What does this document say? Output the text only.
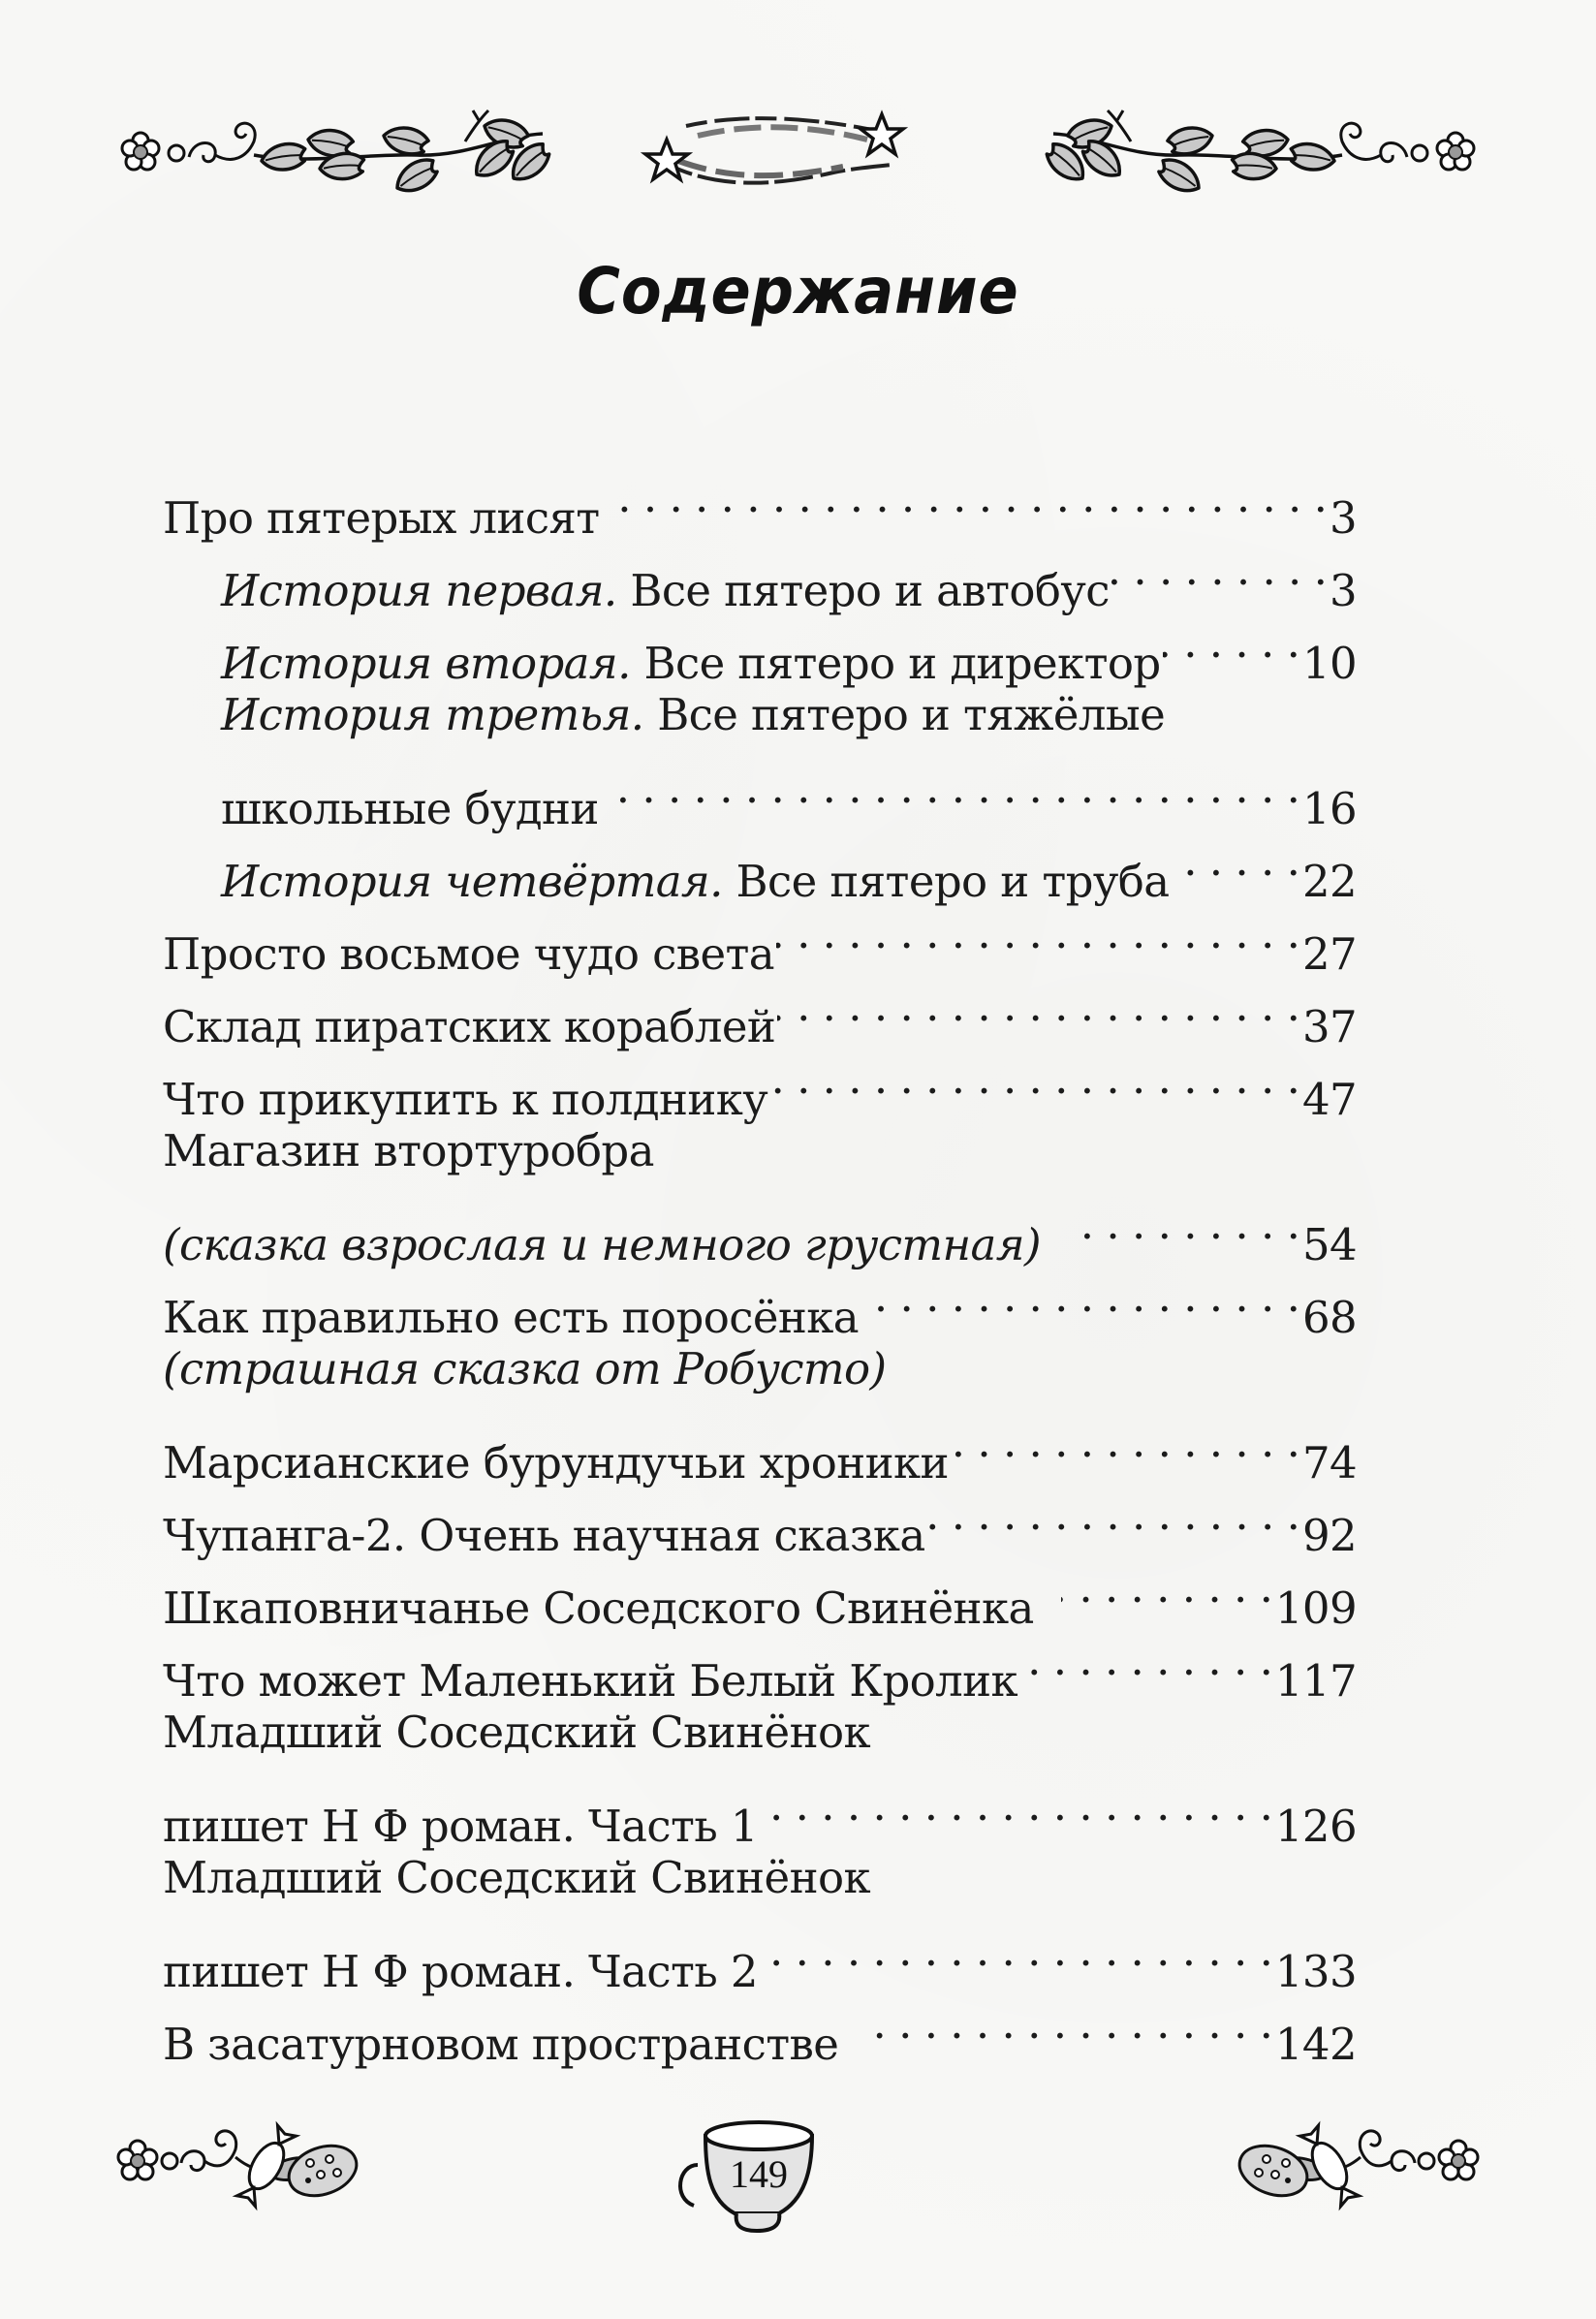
Содержание
Про пятерых лисят . . .	3
История первая. Все пятеро и автобус . . .	3
История вторая. Все пятеро и директор . . .	10
История третья. Все пятеро и тяжёлые
школьные будни . . .	16
История четвёртая. Все пятеро и труба . . .	22
Просто восьмое чудо света . . .	27
Склад пиратских кораблей . . .	37
Что прикупить к полднику . . .	47
Магазин втортуробра
(сказка взрослая и немного грустная) . . .	54
Как правильно есть поросёнка . . .	68
(страшная сказка от Робусто)
Марсианские бурундучьи хроники . . .	74
Чупанга-2. Очень научная сказка . . .	92
Шкаповничанье Соседского Свинёнка . . .	109
Что может Маленький Белый Кролик . . .	117
Младший Соседский Свинёнок
пишет Н Ф роман. Часть 1 . . .	126
Младший Соседский Свинёнок
пишет Н Ф роман. Часть 2 . . .	133
В засатурновом пространстве . . .	142
149
